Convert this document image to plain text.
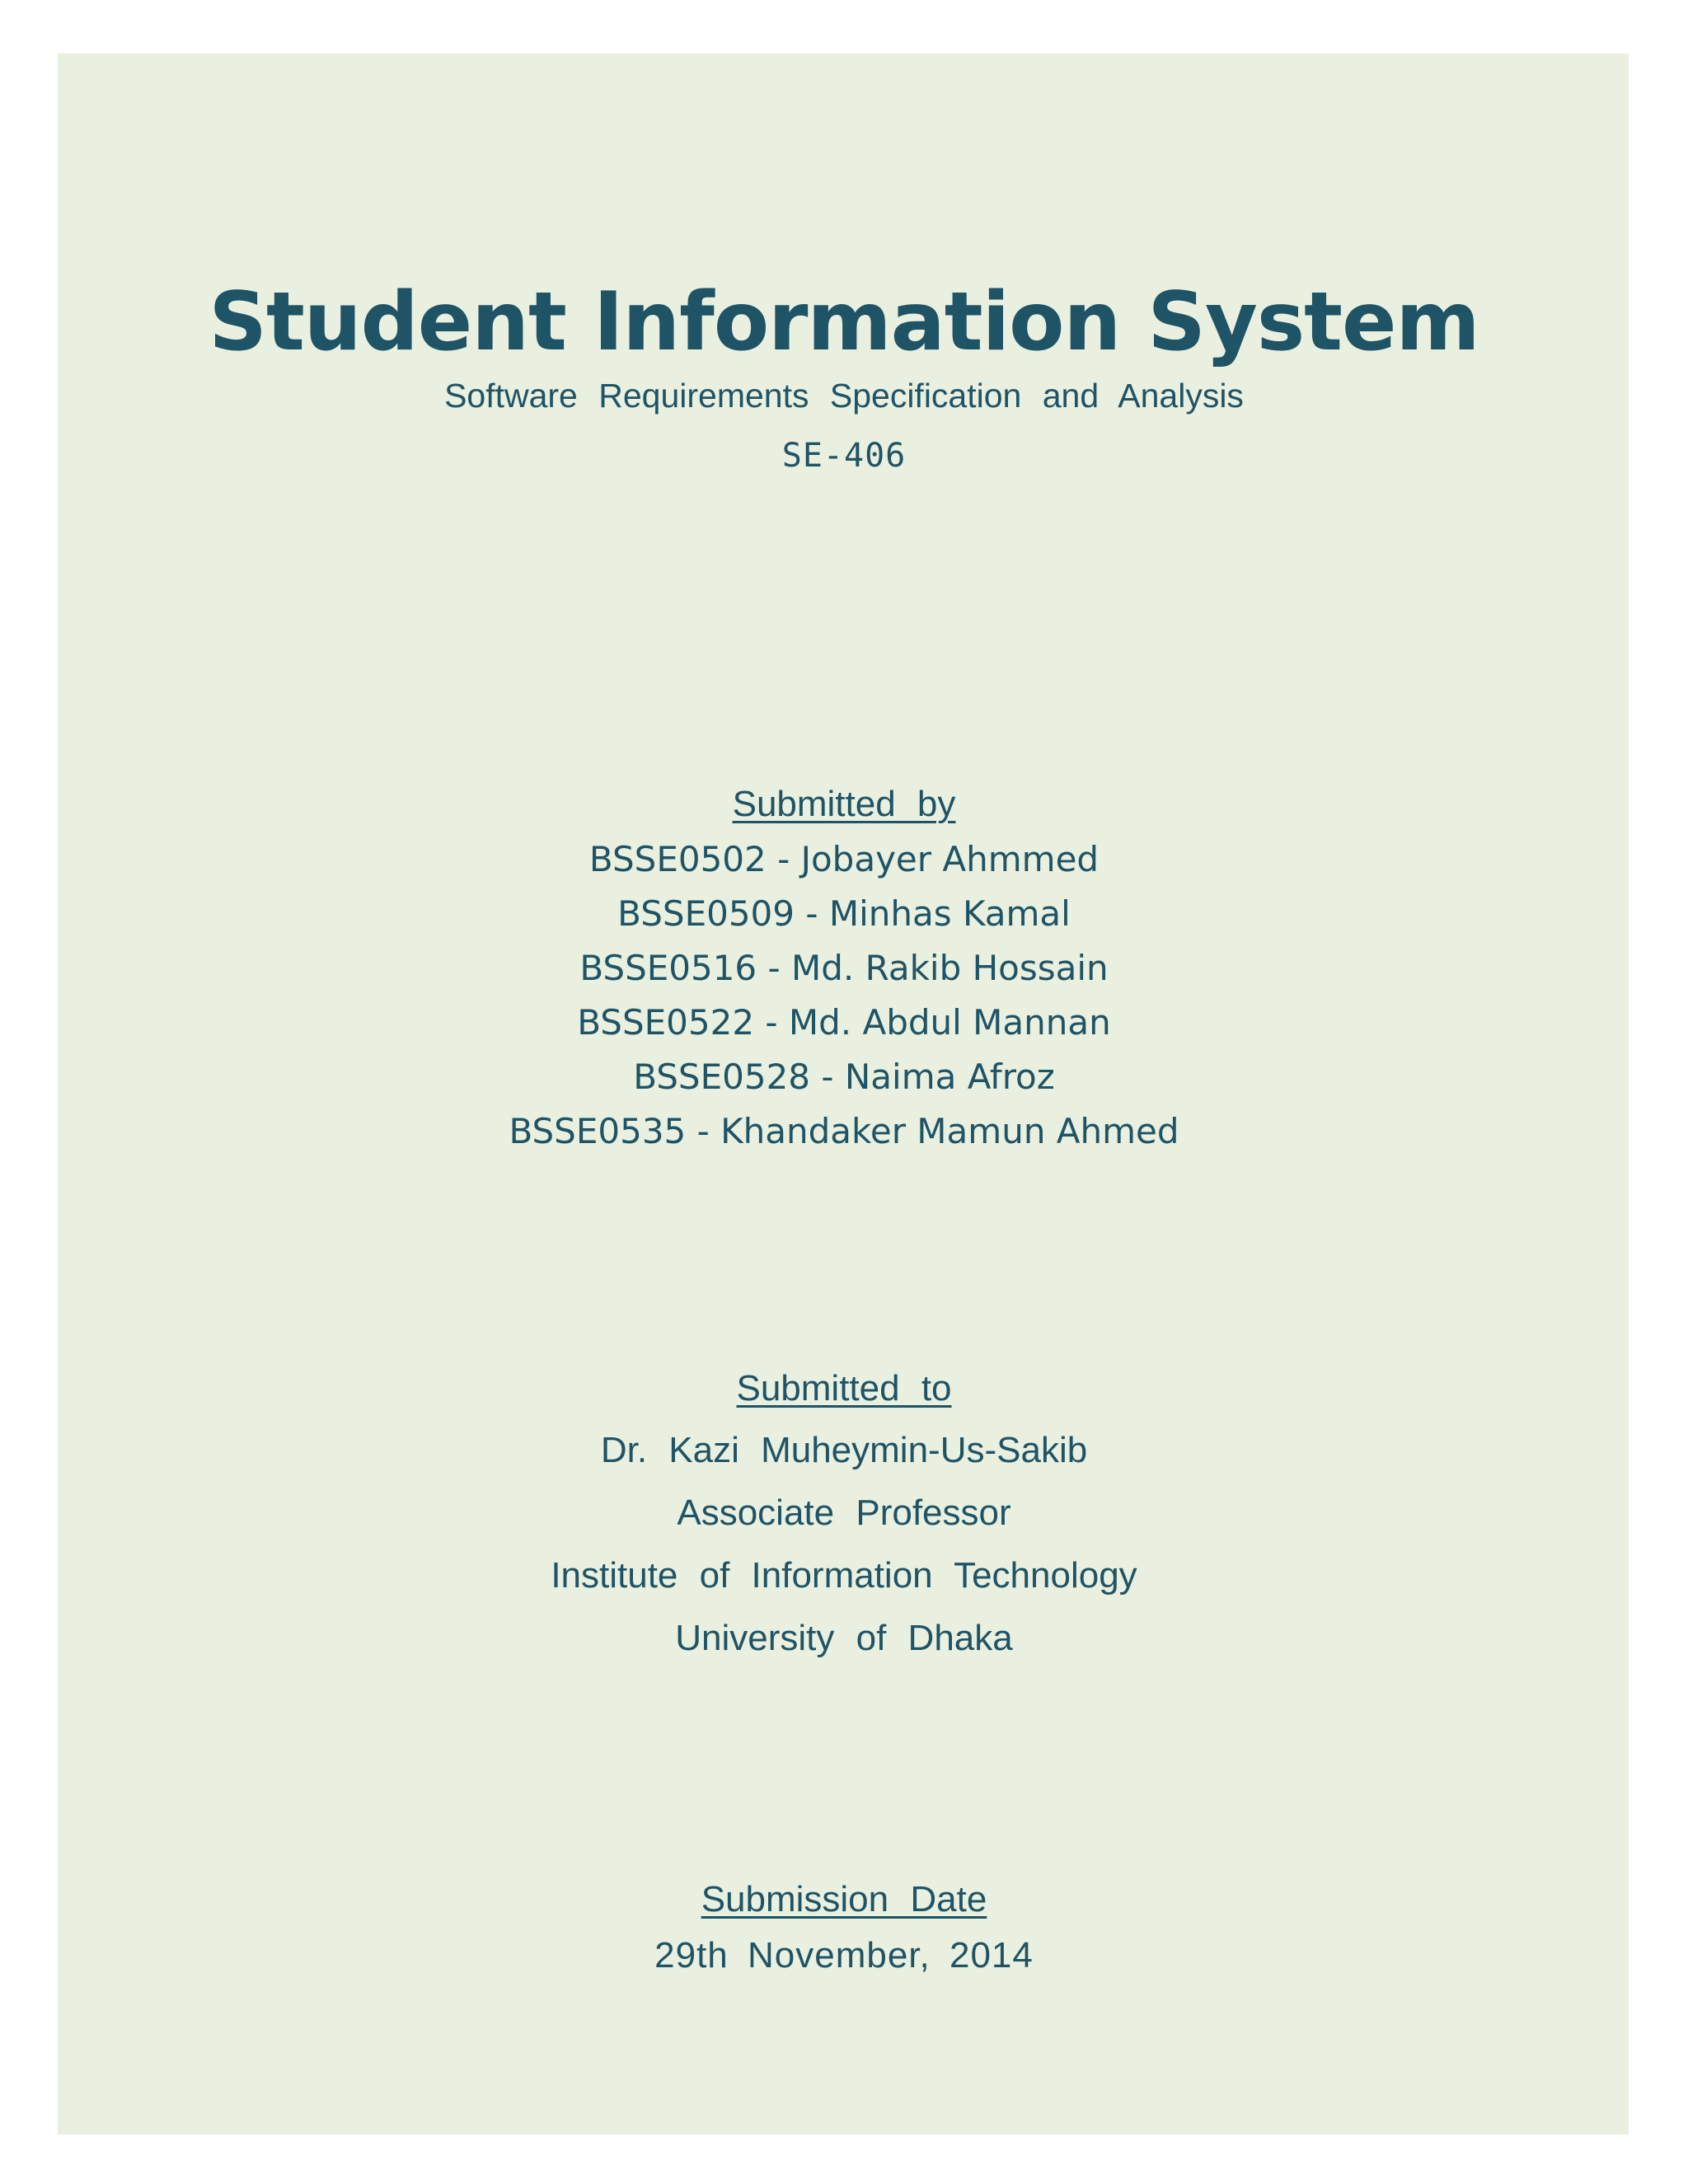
Student Information System
Software Requirements Specification and Analysis
SE-406
Submitted by
BSSE0502 - Jobayer Ahmmed
BSSE0509 - Minhas Kamal
BSSE0516 - Md. Rakib Hossain
BSSE0522 - Md. Abdul Mannan
BSSE0528 - Naima Afroz
BSSE0535 - Khandaker Mamun Ahmed
Submitted to
Dr. Kazi Muheymin-Us-Sakib
Associate Professor
Institute of Information Technology
University of Dhaka
Submission Date
29th November, 2014
